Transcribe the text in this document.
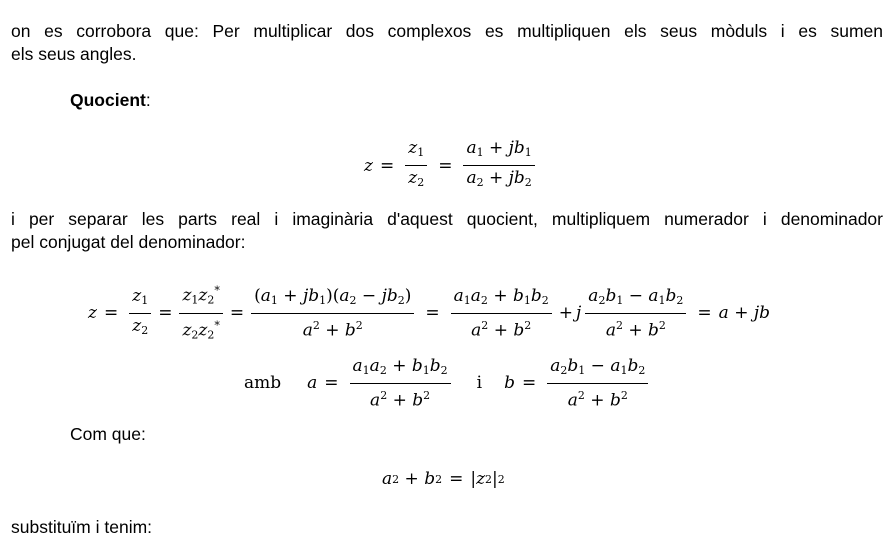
on es corrobora que: Per multiplicar dos complexos es multipliquen els seus mòduls i es sumen

els seus angles.

Quocient:

$z = \frac{z_1}{z_2} = \frac{a_1 + jb_1}{a_2 + jb_2}$

i per separar les parts real i imaginària d'aquest quocient, multipliquem numerador i denominador

pel conjugat del denominador:

$z = \frac{z_1}{z_2} = \frac{z_1z_2^*}{z_2z_2^*} = \frac{(a_1 + jb_1)(a_2 - jb_2)}{a^2 + b^2} = \frac{a_1a_2 + b_1b_2}{a^2 + b^2} + j \frac{a_2b_1 - a_1b_2}{a^2 + b^2} = a$ + jb
amb $a = \frac{a_1a_2 + b_1b_2}{a^2 + b^2}$ i $b = \frac{a_2b_1 - a_1b_2}{a^2 + b^2}$

Com que:

a 2 + b 2 = | z 2 | 2

substituïm i tenim:
